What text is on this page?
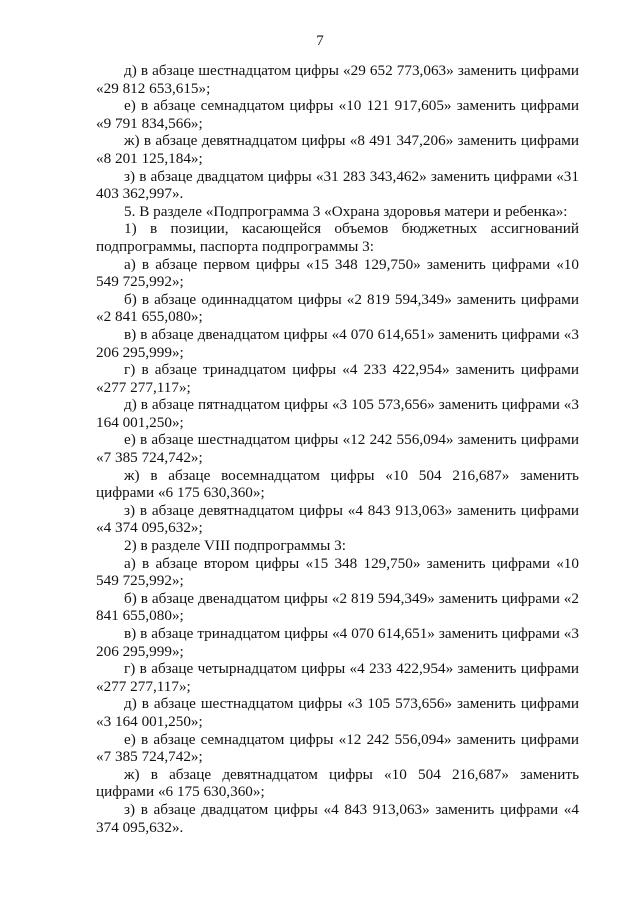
7

д) в абзаце шестнадцатом цифры «29 652 773,063» заменить цифрами «29 812 653,615»;

е) в абзаце семнадцатом цифры «10 121 917,605» заменить цифрами «9 791 834,566»;

ж) в абзаце девятнадцатом цифры «8 491 347,206» заменить цифрами «8 201 125,184»;

з) в абзаце двадцатом цифры «31 283 343,462» заменить цифрами «31 403 362,997».

5. В разделе «Подпрограмма 3 «Охрана здоровья матери и ребенка»:

1) в позиции, касающейся объемов бюджетных ассигнований подпрограммы, паспорта подпрограммы 3:

а) в абзаце первом цифры «15 348 129,750» заменить цифрами «10 549 725,992»;

б) в абзаце одиннадцатом цифры «2 819 594,349» заменить цифрами «2 841 655,080»;

в) в абзаце двенадцатом цифры «4 070 614,651» заменить цифрами «3 206 295,999»;

г) в абзаце тринадцатом цифры «4 233 422,954» заменить цифрами «277 277,117»;

д) в абзаце пятнадцатом цифры «3 105 573,656» заменить цифрами «3 164 001,250»;

е) в абзаце шестнадцатом цифры «12 242 556,094» заменить цифрами «7 385 724,742»;

ж) в абзаце восемнадцатом цифры «10 504 216,687» заменить цифрами «6 175 630,360»;

з) в абзаце девятнадцатом цифры «4 843 913,063» заменить цифрами «4 374 095,632»;

2) в разделе VIII подпрограммы 3:

а) в абзаце втором цифры «15 348 129,750» заменить цифрами «10 549 725,992»;

б) в абзаце двенадцатом цифры «2 819 594,349» заменить цифрами «2 841 655,080»;

в) в абзаце тринадцатом цифры «4 070 614,651» заменить цифрами «3 206 295,999»;

г) в абзаце четырнадцатом цифры «4 233 422,954» заменить цифрами «277 277,117»;

д) в абзаце шестнадцатом цифры «3 105 573,656» заменить цифрами «3 164 001,250»;

е) в абзаце семнадцатом цифры «12 242 556,094» заменить цифрами «7 385 724,742»;

ж) в абзаце девятнадцатом цифры «10 504 216,687» заменить цифрами «6 175 630,360»;

з) в абзаце двадцатом цифры «4 843 913,063» заменить цифрами «4 374 095,632».
